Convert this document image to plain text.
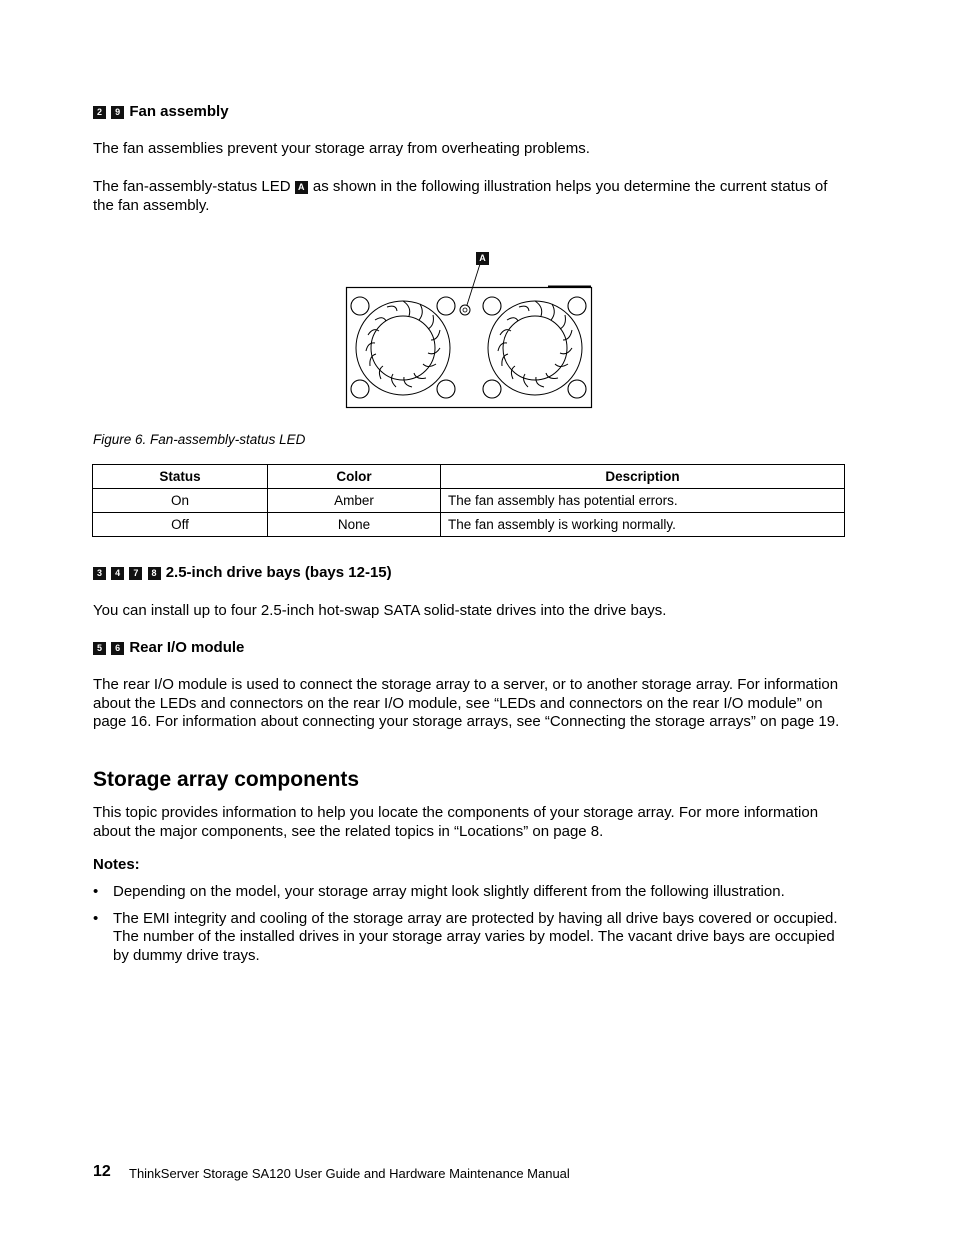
2 9 Fan assembly
The fan assemblies prevent your storage array from overheating problems.
The fan-assembly-status LED A as shown in the following illustration helps you determine the current status of the fan assembly.
A
Figure 6. Fan-assembly-status LED
Status	Color	Description
On	Amber	The fan assembly has potential errors.
Off	None	The fan assembly is working normally.
3 4 7 8 2.5-inch drive bays (bays 12-15)
You can install up to four 2.5-inch hot-swap SATA solid-state drives into the drive bays.
5 6 Rear I/O module
The rear I/O module is used to connect the storage array to a server, or to another storage array. For information about the LEDs and connectors on the rear I/O module, see “LEDs and connectors on the rear I/O module” on page 16. For information about connecting your storage arrays, see “Connecting the storage arrays” on page 19.
Storage array components
This topic provides information to help you locate the components of your storage array. For more information about the major components, see the related topics in “Locations” on page 8.
Notes:
• Depending on the model, your storage array might look slightly different from the following illustration.
• The EMI integrity and cooling of the storage array are protected by having all drive bays covered or occupied. The number of the installed drives in your storage array varies by model. The vacant drive bays are occupied by dummy drive trays.
12 ThinkServer Storage SA120 User Guide and Hardware Maintenance Manual
